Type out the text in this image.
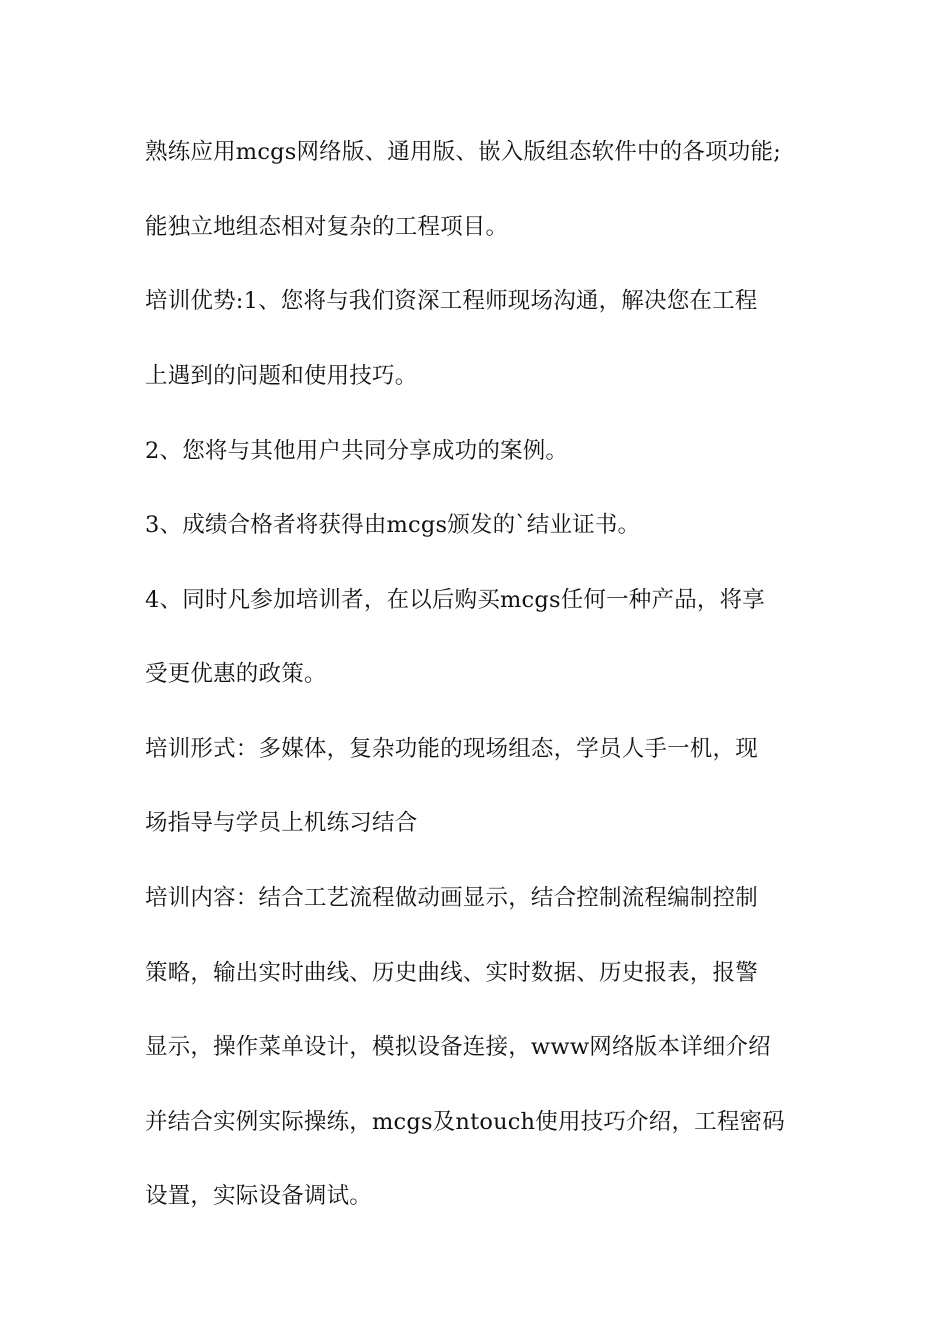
熟练应用mcgs网络版、通用版、嵌入版组态软件中的各项功能;

能独立地组态相对复杂的工程项目。

培训优势:1、您将与我们资深工程师现场沟通，解决您在工程

上遇到的问题和使用技巧。

2、您将与其他用户共同分享成功的案例。

3、成绩合格者将获得由mcgs颁发的`结业证书。

4、同时凡参加培训者，在以后购买mcgs任何一种产品，将享

受更优惠的政策。

培训形式：多媒体，复杂功能的现场组态，学员人手一机，现

场指导与学员上机练习结合

培训内容：结合工艺流程做动画显示，结合控制流程编制控制

策略，输出实时曲线、历史曲线、实时数据、历史报表，报警

显示，操作菜单设计，模拟设备连接，www网络版本详细介绍

并结合实例实际操练，mcgs及ntouch使用技巧介绍，工程密码

设置，实际设备调试。
